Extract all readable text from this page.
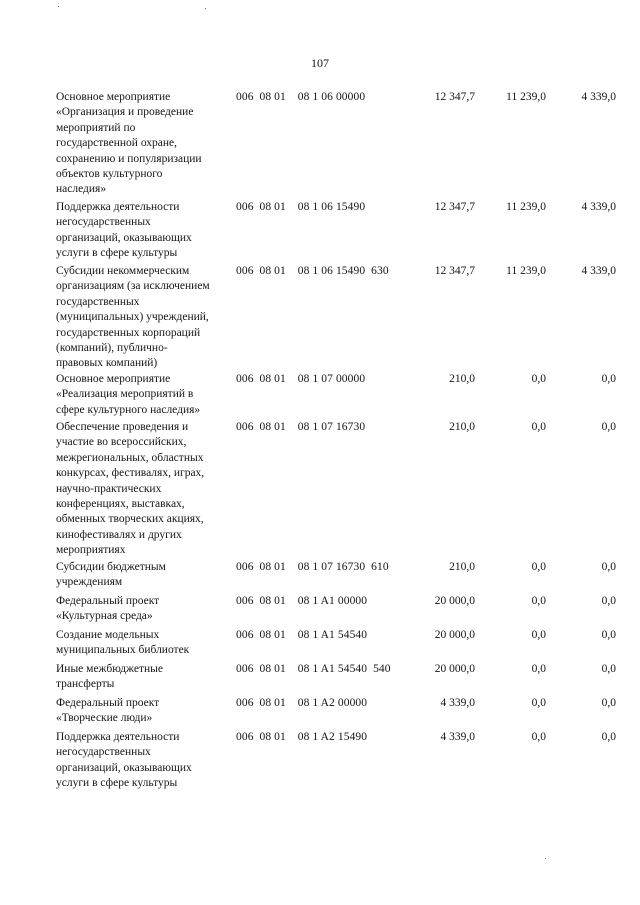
107
Основное мероприятие
«Организация и проведение
мероприятий по
государственной охране,
сохранению и популяризации
объектов культурного
наследия»
006  08 01    08 1 06 00000	12 347,7	11 239,0	4 339,0
Поддержка деятельности
негосударственных
организаций, оказывающих
услуги в сфере культуры
006  08 01    08 1 06 15490	12 347,7	11 239,0	4 339,0
Субсидии некоммерческим
организациям (за исключением
государственных
(муниципальных) учреждений,
государственных корпораций
(компаний), публично-
правовых компаний)
006  08 01    08 1 06 15490  630	12 347,7	11 239,0	4 339,0
Основное мероприятие
«Реализация мероприятий в
сфере культурного наследия»
006  08 01    08 1 07 00000	210,0	0,0	0,0
Обеспечение проведения и
участие во всероссийских,
межрегиональных, областных
конкурсах, фестивалях, играх,
научно-практических
конференциях, выставках,
обменных творческих акциях,
кинофестивалях и других
мероприятиях
006  08 01    08 1 07 16730	210,0	0,0	0,0
Субсидии бюджетным
учреждениям
006  08 01    08 1 07 16730  610	210,0	0,0	0,0
Федеральный проект
«Культурная среда»
006  08 01    08 1 A1 00000	20 000,0	0,0	0,0
Создание модельных
муниципальных библиотек
006  08 01    08 1 A1 54540	20 000,0	0,0	0,0
Иные межбюджетные
трансферты
006  08 01    08 1 A1 54540  540	20 000,0	0,0	0,0
Федеральный проект
«Творческие люди»
006  08 01    08 1 A2 00000	4 339,0	0,0	0,0
Поддержка деятельности
негосударственных
организаций, оказывающих
услуги в сфере культуры
006  08 01    08 1 A2 15490	4 339,0	0,0	0,0
